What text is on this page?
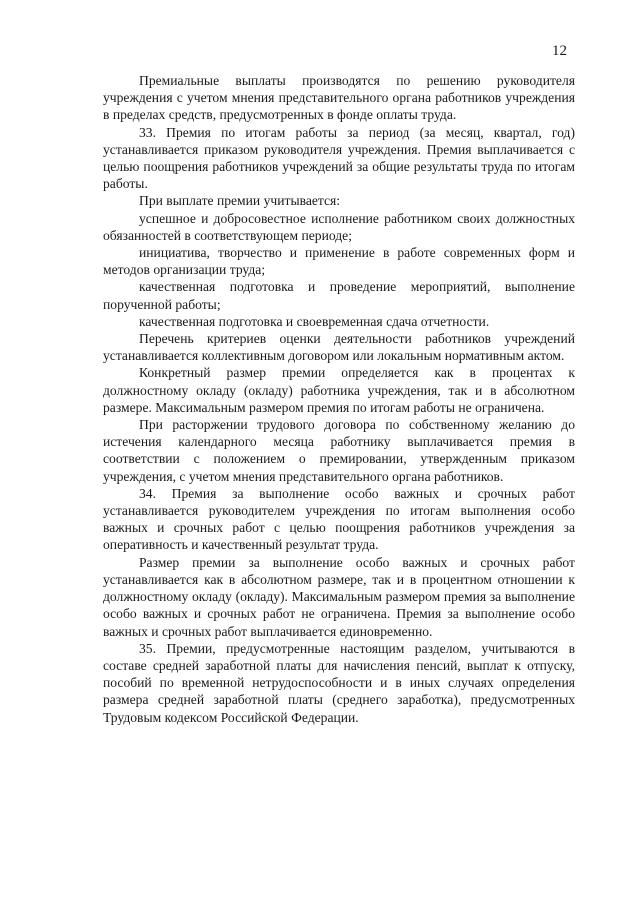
12

Премиальные выплаты производятся по решению руководителя учреждения с учетом мнения представительного органа работников учреждения в пределах средств, предусмотренных в фонде оплаты труда.

33. Премия по итогам работы за период (за месяц, квартал, год) устанавливается приказом руководителя учреждения. Премия выплачивается с целью поощрения работников учреждений за общие результаты труда по итогам работы.

При выплате премии учитывается:

успешное и добросовестное исполнение работником своих должностных обязанностей в соответствующем периоде;

инициатива, творчество и применение в работе современных форм и методов организации труда;

качественная подготовка и проведение мероприятий, выполнение порученной работы;

качественная подготовка и своевременная сдача отчетности.

Перечень критериев оценки деятельности работников учреждений устанавливается коллективным договором или локальным нормативным актом.

Конкретный размер премии определяется как в процентах к должностному окладу (окладу) работника учреждения, так и в абсолютном размере. Максимальным размером премия по итогам работы не ограничена.

При расторжении трудового договора по собственному желанию до истечения календарного месяца работнику выплачивается премия в соответствии с положением о премировании, утвержденным приказом учреждения, с учетом мнения представительного органа работников.

34. Премия за выполнение особо важных и срочных работ устанавливается руководителем учреждения по итогам выполнения особо важных и срочных работ с целью поощрения работников учреждения за оперативность и качественный результат труда.

Размер премии за выполнение особо важных и срочных работ устанавливается как в абсолютном размере, так и в процентном отношении к должностному окладу (окладу). Максимальным размером премия за выполнение особо важных и срочных работ не ограничена. Премия за выполнение особо важных и срочных работ выплачивается единовременно.

35. Премии, предусмотренные настоящим разделом, учитываются в составе средней заработной платы для начисления пенсий, выплат к отпуску, пособий по временной нетрудоспособности и в иных случаях определения размера средней заработной платы (среднего заработка), предусмотренных Трудовым кодексом Российской Федерации.
